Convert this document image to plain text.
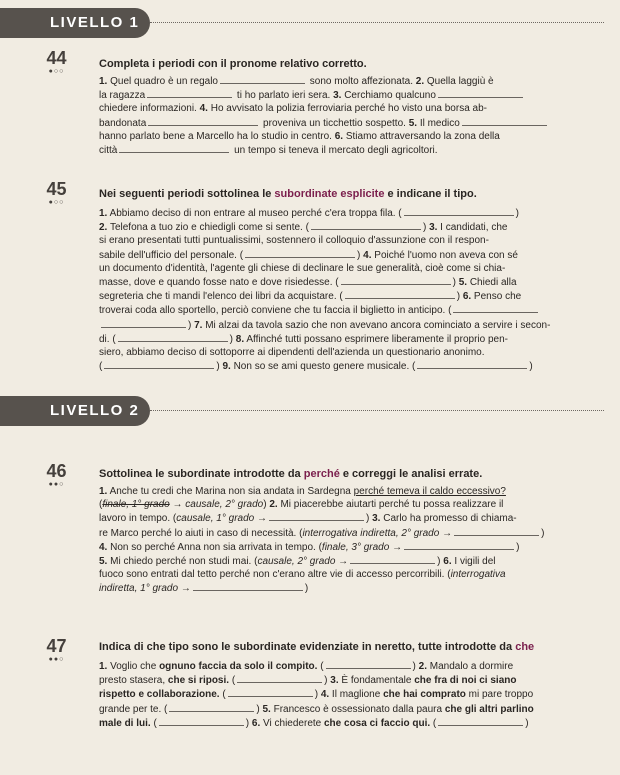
LIVELLO 1
44
●○○
Completa i periodi con il pronome relativo corretto.
1. Quel quadro è un regalo	sono molto affezionata. 2. Quella laggiù è
la ragazza	ti ho parlato ieri sera. 3. Cerchiamo qualcuno
chiedere informazioni. 4. Ho avvisato la polizia ferroviaria perché ho visto una borsa ab-
bandonata	proveniva un ticchettio sospetto. 5. Il medico
hanno parlato bene a Marcello ha lo studio in centro. 6. Stiamo attraversando la zona della
città	un tempo si teneva il mercato degli agricoltori.
45
●○○
Nei seguenti periodi sottolinea le subordinate esplicite e indicane il tipo.
1. Abbiamo deciso di non entrare al museo perché c'era troppa fila. (	)
2. Telefona a tuo zio e chiedigli come si sente. (	) 3. I candidati, che
si erano presentati tutti puntualissimi, sostennero il colloquio d'assunzione con il respon-
sabile dell'ufficio del personale. (	) 4. Poiché l'uomo non aveva con sé
un documento d'identità, l'agente gli chiese di declinare le sue generalità, cioè come si chia-
masse, dove e quando fosse nato e dove risiedesse. (	) 5. Chiedi alla
segreteria che ti mandi l'elenco dei libri da acquistare. (	) 6. Penso che
troverai coda allo sportello, perciò conviene che tu faccia il biglietto in anticipo. (
) 7. Mi alzai da tavola sazio che non avevano ancora cominciato a servire i secon-
di. (	) 8. Affinché tutti possano esprimere liberamente il proprio pen-
siero, abbiamo deciso di sottoporre ai dipendenti dell'azienda un questionario anonimo.
(	) 9. Non so se ami questo genere musicale. (	)
LIVELLO 2
46
●●○
Sottolinea le subordinate introdotte da perché e correggi le analisi errate.
1. Anche tu credi che Marina non sia andata in Sardegna perché temeva il caldo eccessivo?
(finale, 1° grado → causale, 2° grado) 2. Mi piacerebbe aiutarti perché tu possa realizzare il
lavoro in tempo. (causale, 1° grado →	) 3. Carlo ha promesso di chiama-
re Marco perché lo aiuti in caso di necessità. (interrogativa indiretta, 2° grado →	)
4. Non so perché Anna non sia arrivata in tempo. (finale, 3° grado →	)
5. Mi chiedo perché non studi mai. (causale, 2° grado →	) 6. I vigili del
fuoco sono entrati dal tetto perché non c'erano altre vie di accesso percorribili. (interrogativa
indiretta, 1° grado →	)
47
●●○
Indica di che tipo sono le subordinate evidenziate in neretto, tutte introdotte da che
1. Voglio che ognuno faccia da solo il compito. (	) 2. Mandalo a dormire
presto stasera, che si riposi. (	) 3. È fondamentale che fra di noi ci siano
rispetto e collaborazione. (	) 4. Il maglione che hai comprato mi pare troppo
grande per te. (	) 5. Francesco è ossessionato dalla paura che gli altri parlino
male di lui. (	) 6. Vi chiederete che cosa ci faccio qui. (	)
